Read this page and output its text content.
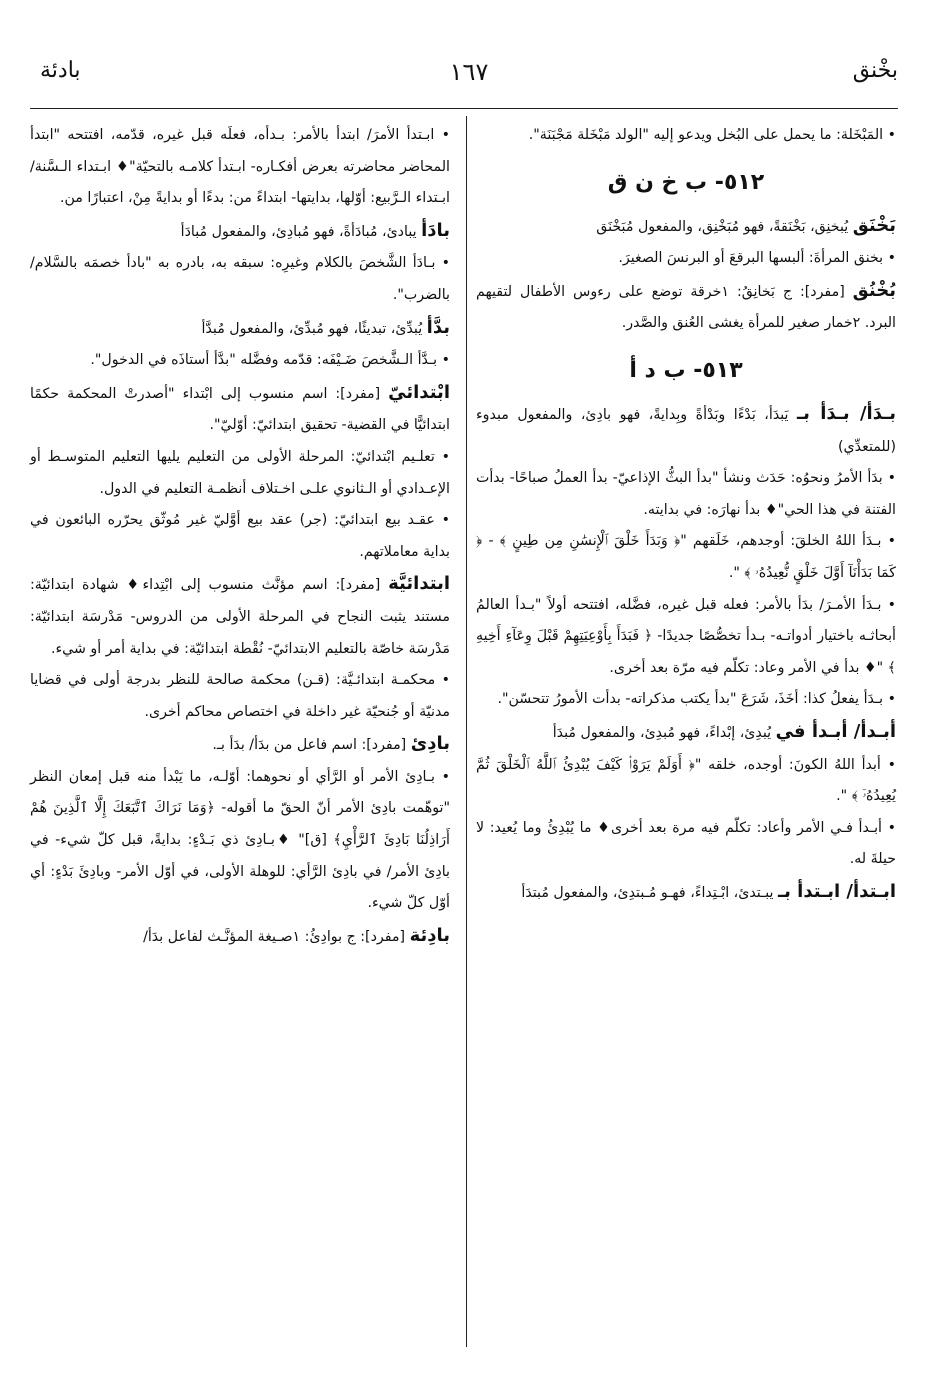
بخْنق
١٦٧
بادئة

• المَبْخَلة: ما يحمل على البُخل ويدعو إليه "الولد مَبْخَلة مَجْبَنَة".

٥١٢- ب خ ن ق

بَخْنَق يُبخنِق، بَخْنَقةً، فهو مُبَخْنِق، والمفعول مُبَخْنَق

• بخنق المرأةَ: ألبسها البرقعَ أو البرنسَ الصغيرَ.

بُخْنُق [مفرد]: ج بَخانِقُ: ١خرقة توضع على رءوس الأطفال لتقيهم البرد. ٢خمار صغير للمرأة يغشى العُنق والصَّدر.

٥١٣- ب د أ

بـدَأ/ بـدَأ بـ يَبدَأ، بَدْءًا وبَدْأةً وبِدايةً، فهو بادِئ، والمفعول مبدوء (للمتعدِّي)

• بدَأ الأمرُ ونحوُه: حَدَث ونشأ "بدأ البثُّ الإذاعيّ- بدأ العملُ صباحًا- بدأت الفتنة في هذا الحي"♦ بدأ نهارَه: في بدايته.

• بـدَأ اللهُ الخلقَ: أوجدهم، خَلَقهم "﴿ وَبَدَأَ خَلْقَ ٱلْإِنسَٰنِ مِن طِينٍ ﴾ - ﴿ كَمَا بَدَأْنَآ أَوَّلَ خَلْقٍ نُّعِيدُهُۥ ﴾ ".

• بـدَأ الأمـرَ/ بدَأ بالأمر: فعله قبل غيره، فضَّله، افتتحه أولاً "بـدأ العالمُ أبحاثـه باختيار أدواتـه- بـدأ تخصُّصًا جديدًا- ﴿ فَبَدَأَ بِأَوْعِيَتِهِمْ قَبْلَ وِعَآءِ أَخِيهِ ﴾ "♦ بدأ في الأمر وعاد: تكلّم فيه مرّة بعد أخرى.

• بـدَأ يفعلُ كذا: أخَذَ، شَرَعَ "بدأ يكتب مذكراته- بدأت الأمورُ تتحسّن".

أبـدأ/ أبـدأ في يُبدِئ، إبْداءً، فهو مُبدِئ، والمفعول مُبدَأ

• أبدأ اللهُ الكونَ: أوجده، خلقه "﴿ أَوَلَمْ يَرَوْا۟ كَيْفَ يُبْدِئُ ٱللَّهُ ٱلْخَلْقَ ثُمَّ يُعِيدُهُۥٓ ﴾ ".

• أبـدأ فـي الأمر وأعاد: تكلّم فيه مرة بعد أخرى♦ ما يُبْدِئُ وما يُعيد: لا حيلةَ له.

ابـتدأ/ ابـتدأ بـ يبـتدئ، ابْـتِداءً، فهـو مُـبتدِئ، والمفعول مُبتدَأ

• ابـتدأ الأمرَ/ ابتدأ بالأمر: بـدأه، فعلَه قبل غيره، قدّمه، افتتحه "ابتدأ المحاضر محاضرته بعرض أفكـاره- ابـتدأ كلامـه بالتحيّة"♦ ابـتداء الـسَّنة/ ابـتداء الـرَّبيع: أوّلها، بدايتها- ابتداءً من: بدءًا أو بدايةً مِنْ، اعتبارًا من.

بادَأ يبادئ، مُبادَأةً، فهو مُبادِئ، والمفعول مُبادَأ

• بـادَأ الشَّخصَ بالكلام وغيرِه: سبقه به، بادره به "بادأ خصمَه بالسَّلام/ بالضرب".

بدَّأ يُبدِّئ، تبديئًا، فهو مُبدِّئ، والمفعول مُبدَّأ

• بـدَّأ الـشَّخصَ ضَـيْفَه: قدّمه وفضَّله "بدَّأ أستاذَه في الدخول".

ابْتدائيّ [مفرد]: اسم منسوب إلى ابْتداء "أصدرتْ المحكمة حكمًا ابتدائيًّا في القضية- تحقيق ابتدائيّ: أوّليّ".

• تعلـيم ابْتدائيّ: المرحلة الأولى من التعليم يليها التعليم المتوسـط أو الإعـدادي أو الـثانوي علـى اخـتلاف أنظمـة التعليم في الدول.

• عقـد بيع ابتدائيّ: (جر) عقد بيع أوَّليّ غير مُوثّق يحرّره البائعون في بداية معاملاتهم.

ابتدائيَّة [مفرد]: اسم مؤنَّث منسوب إلى ابْتِداء♦ شهادة ابتدائيّة: مستند يثبت النجاح في المرحلة الأولى من الدروس- مَدْرسَة ابتدائيّة: مَدْرسَة خاصّة بالتعليم الابتدائيّ- نُقْطة ابتدائيّة: في بداية أمر أو شيء.

• محكمـة ابتدائـيَّة: (قـن) محكمة صالحة للنظر بدرجة أولى في قضايا مدنيّة أو جُنحيّة غير داخلة في اختصاص محاكم أخرى.

بادِئ [مفرد]: اسم فاعل من بدَأ/ بدَأ بـ.

• بـادِئ الأمر أو الرَّأي أو نحوهما: أوّلـه، ما يَبْدأ منه قبل إمعان النظر "توهّمت بادِئ الأمر أنّ الحقّ ما أقوله- ﴿وَمَا نَرَاكَ ٱتَّبَعَكَ إِلَّا ٱلَّذِينَ هُمْ أَرَاذِلُنَا بَادِئَ ٱلرَّأْيِ﴾ [ق]" ♦بـادِئ ذي بَـدْءٍ: بدايةً، قبل كلّ شيء- في بادِئ الأمر/ في بادِئ الرَّأي: للوهلة الأولى، في أوّل الأمر- وبادِئَ بَدْءٍ: أي أوّل كلّ شيء.

بادِئة [مفرد]: ج بوادِئُ: ١صـيغة المؤنَّـث لفاعل بدَأ/
